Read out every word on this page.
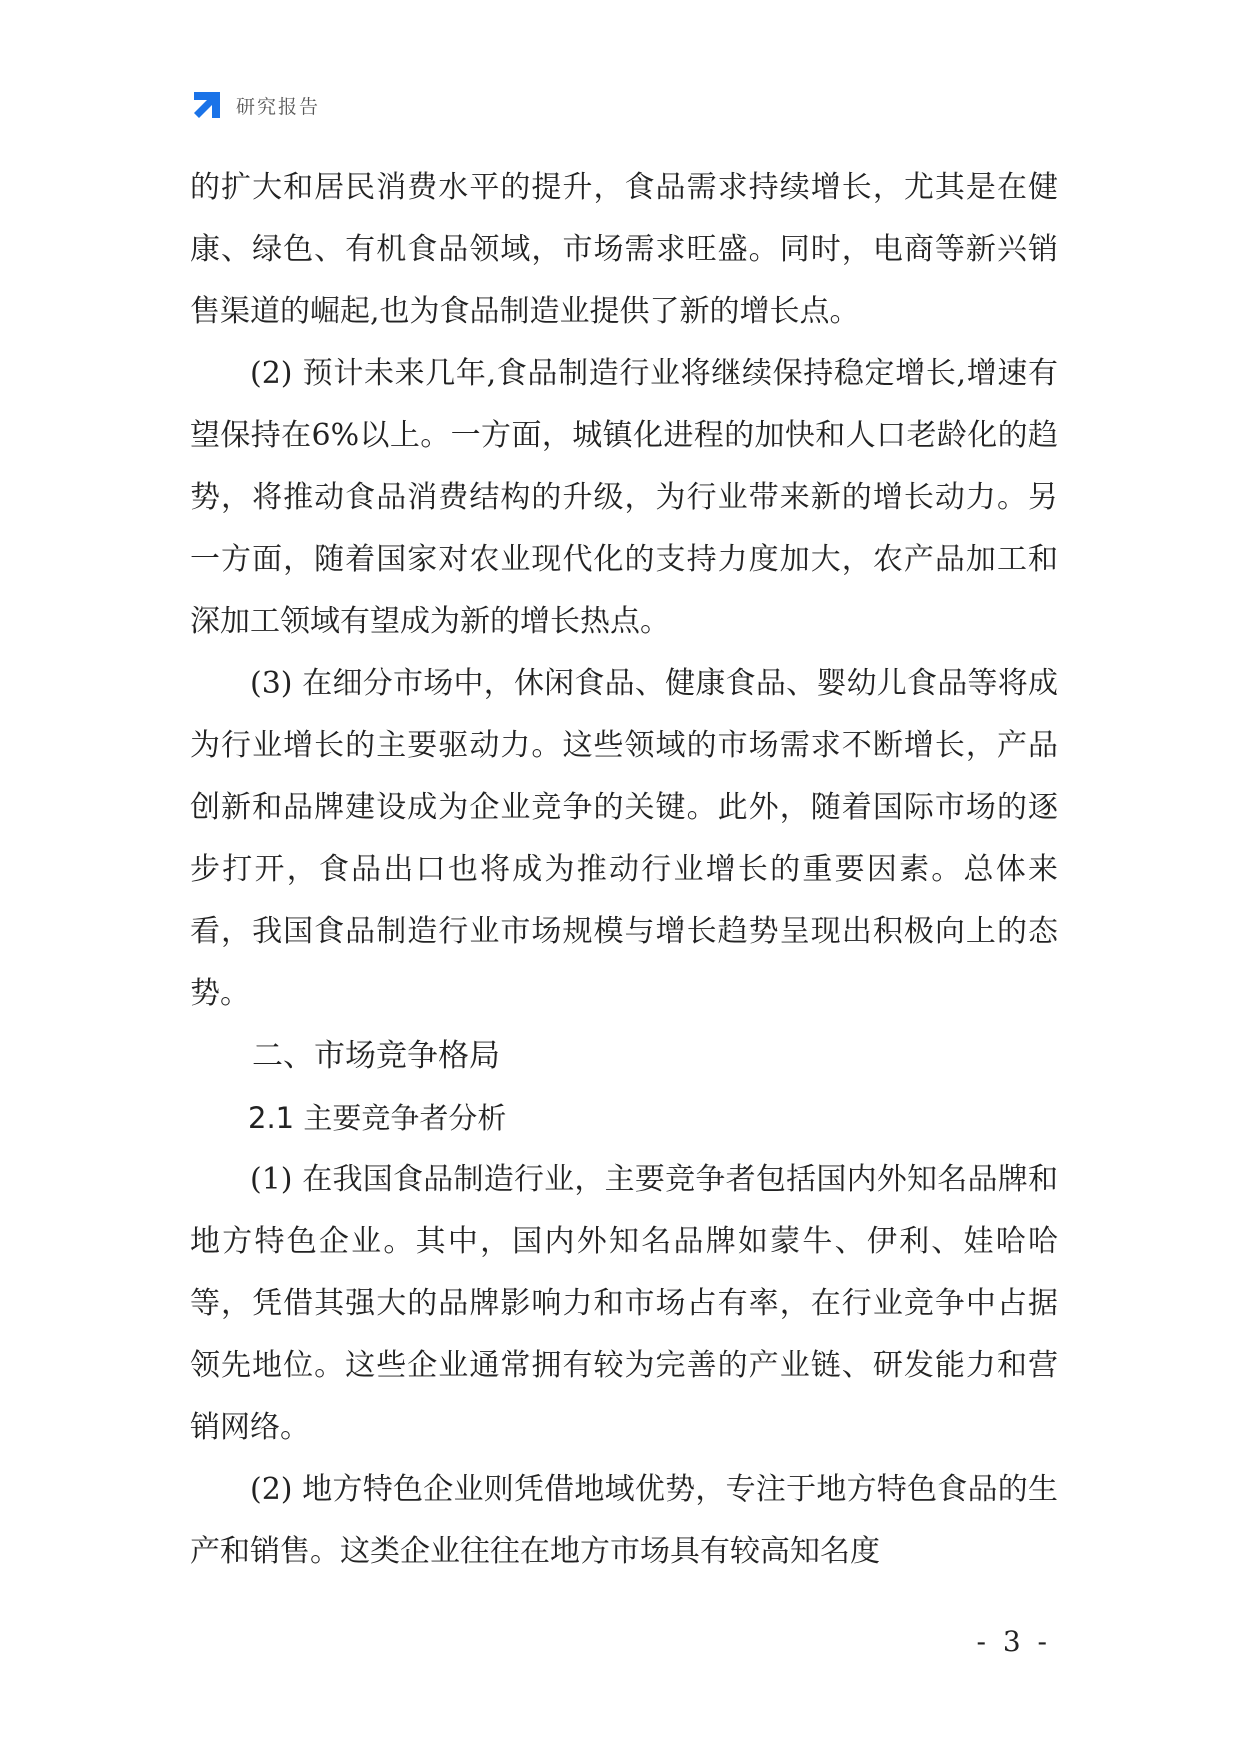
研究报告

的扩大和居民消费水平的提升，食品需求持续增长，尤其是在健康、绿色、有机食品领域，市场需求旺盛。同时，电商等新兴销售渠道的崛起,也为食品制造业提供了新的增长点。

(2) 预计未来几年,食品制造行业将继续保持稳定增长,增速有望保持在6%以上。一方面，城镇化进程的加快和人口老龄化的趋势，将推动食品消费结构的升级，为行业带来新的增长动力。另一方面，随着国家对农业现代化的支持力度加大，农产品加工和深加工领域有望成为新的增长热点。

(3) 在细分市场中，休闲食品、健康食品、婴幼儿食品等将成为行业增长的主要驱动力。这些领域的市场需求不断增长，产品创新和品牌建设成为企业竞争的关键。此外，随着国际市场的逐步打开，食品出口也将成为推动行业增长的重要因素。总体来看，我国食品制造行业市场规模与增长趋势呈现出积极向上的态势。

二、市场竞争格局
2.1 主要竞争者分析

(1) 在我国食品制造行业，主要竞争者包括国内外知名品牌和地方特色企业。其中，国内外知名品牌如蒙牛、伊利、娃哈哈等，凭借其强大的品牌影响力和市场占有率，在行业竞争中占据领先地位。这些企业通常拥有较为完善的产业链、研发能力和营销网络。

(2) 地方特色企业则凭借地域优势，专注于地方特色食品的生产和销售。这类企业往往在地方市场具有较高知名度

- 3 -
